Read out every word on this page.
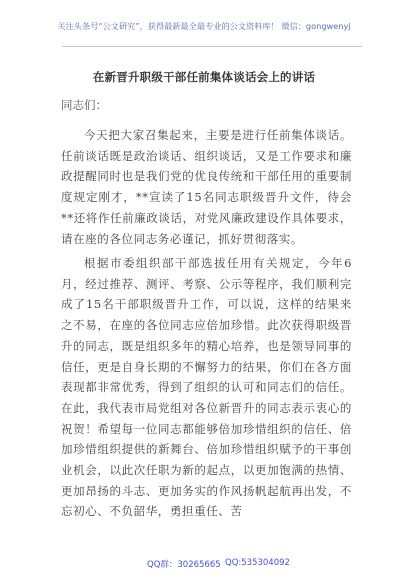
关注头条号“公文研究”，获得最新最全最专业的公文资料库！ 微信：gongwenyj
在新晋升职级干部任前集体谈话会上的讲话
同志们：

今天把大家召集起来，主要是进行任前集体谈话。任前谈话既是政治谈话、组织谈话，又是工作要求和廉政提醒同时也是我们党的优良传统和干部任用的重要制度规定刚才，**宣读了15名同志职级晋升文件，待会**还将作任前廉政谈话，对党风廉政建设作具体要求，请在座的各位同志务必谨记，抓好贯彻落实。

根据市委组织部干部选拔任用有关规定，今年6月，经过推荐、测评、考察、公示等程序，我们顺利完成了15名干部职级晋升工作，可以说，这样的结果来之不易，在座的各位同志应倍加珍惜。此次获得职级晋升的同志，既是组织多年的精心培养，也是领导同事的信任，更是自身长期的不懈努力的结果，你们在各方面表现都非常优秀，得到了组织的认可和同志们的信任。在此，我代表市局党组对各位新晋升的同志表示衷心的祝贺！希望每一位同志都能够倍加珍惜组织的信任、倍加珍惜组织提供的新舞台、倍加珍惜组织赋予的干事创业机会，以此次任职为新的起点，以更加饱满的热情、更加昂扬的斗志、更加务实的作风扬帆起航再出发，不忘初心、不负韶华，勇担重任、苦

QQ群：30265665 QQ:535304092
